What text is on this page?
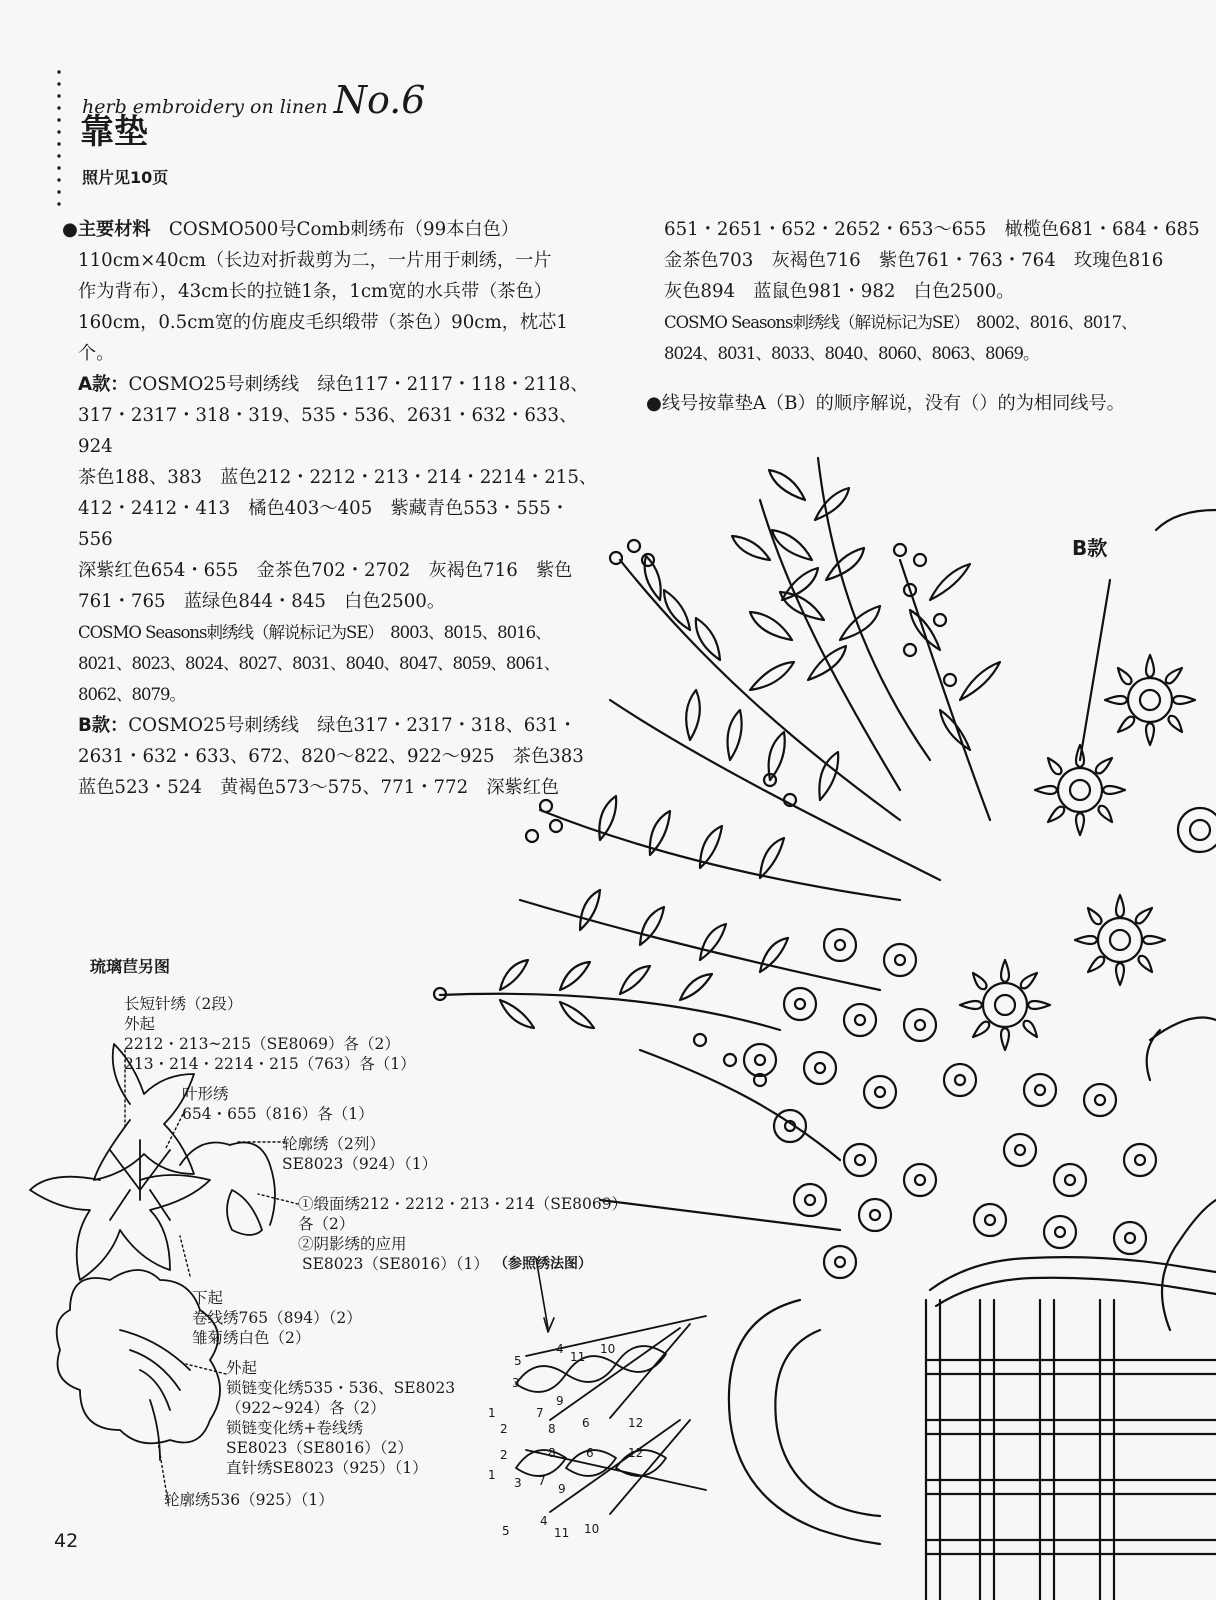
herb embroidery on linen No.6
靠垫
照片见10页

●主要材料　 COSMO500号Comb刺绣布（99本白色）

110cm×40cm（长边对折裁剪为二，一片用于刺绣，一片

作为背布），43cm长的拉链1条，1cm宽的水兵带（茶色）

160cm，0.5cm宽的仿鹿皮毛织缎带（茶色）90cm，枕芯1

个。

A款：COSMO25号刺绣线　绿色117・2117・118・2118、

317・2317・318・319、535・536、2631・632・633、924

茶色188、383　蓝色212・2212・213・214・2214・215、

412・2412・413　橘色403～405　紫藏青色553・555・556

深紫红色654・655　金茶色702・2702　灰褐色716　紫色

761・765　蓝绿色844・845　白色2500。

COSMO Seasons刺绣线（解说标记为SE）　8003、8015、8016、

8021、8023、8024、8027、8031、8040、8047、8059、8061、

8062、8079。

B款：COSMO25号刺绣线　绿色317・2317・318、631・

2631・632・633、672、820～822、922～925　茶色383

蓝色523・524　黄褐色573～575、771・772　深紫红色

651・2651・652・2652・653～655　橄榄色681・684・685

金茶色703　灰褐色716　紫色761・763・764　玫瑰色816

灰色894　蓝鼠色981・982　白色2500。

COSMO Seasons刺绣线（解说标记为SE）　8002、8016、8017、

8024、8031、8033、8040、8060、8063、8069。

●线号按靠垫A（B）的顺序解说，没有（）的为相同线号。
B款
琉璃苣另图
长短针绣（2段）
外起
2212・213~215（SE8069）各（2）
213・214・2214・215（763）各（1）
叶形绣
654・655（816）各（1）
轮廓绣（2列）
SE8023（924）（1）
①缎面绣212・2212・213・214（SE8069）
各（2）
②阴影绣的应用
SE8023（SE8016）（1） （参照绣法图）
下起
卷线绣765（894）（2）
雏菊绣白色（2）
外起
锁链变化绣535・536、SE8023
（922~924）各（2）
锁链变化绣+卷线绣
SE8023（SE8016）（2）
直针绣SE8023（925）（1）
轮廓绣536（925）（1）
5
4
11
10
3
1	7
9
2	8 6	12
2	8	6	12
1
3 7
9
5
4
11 10
42
